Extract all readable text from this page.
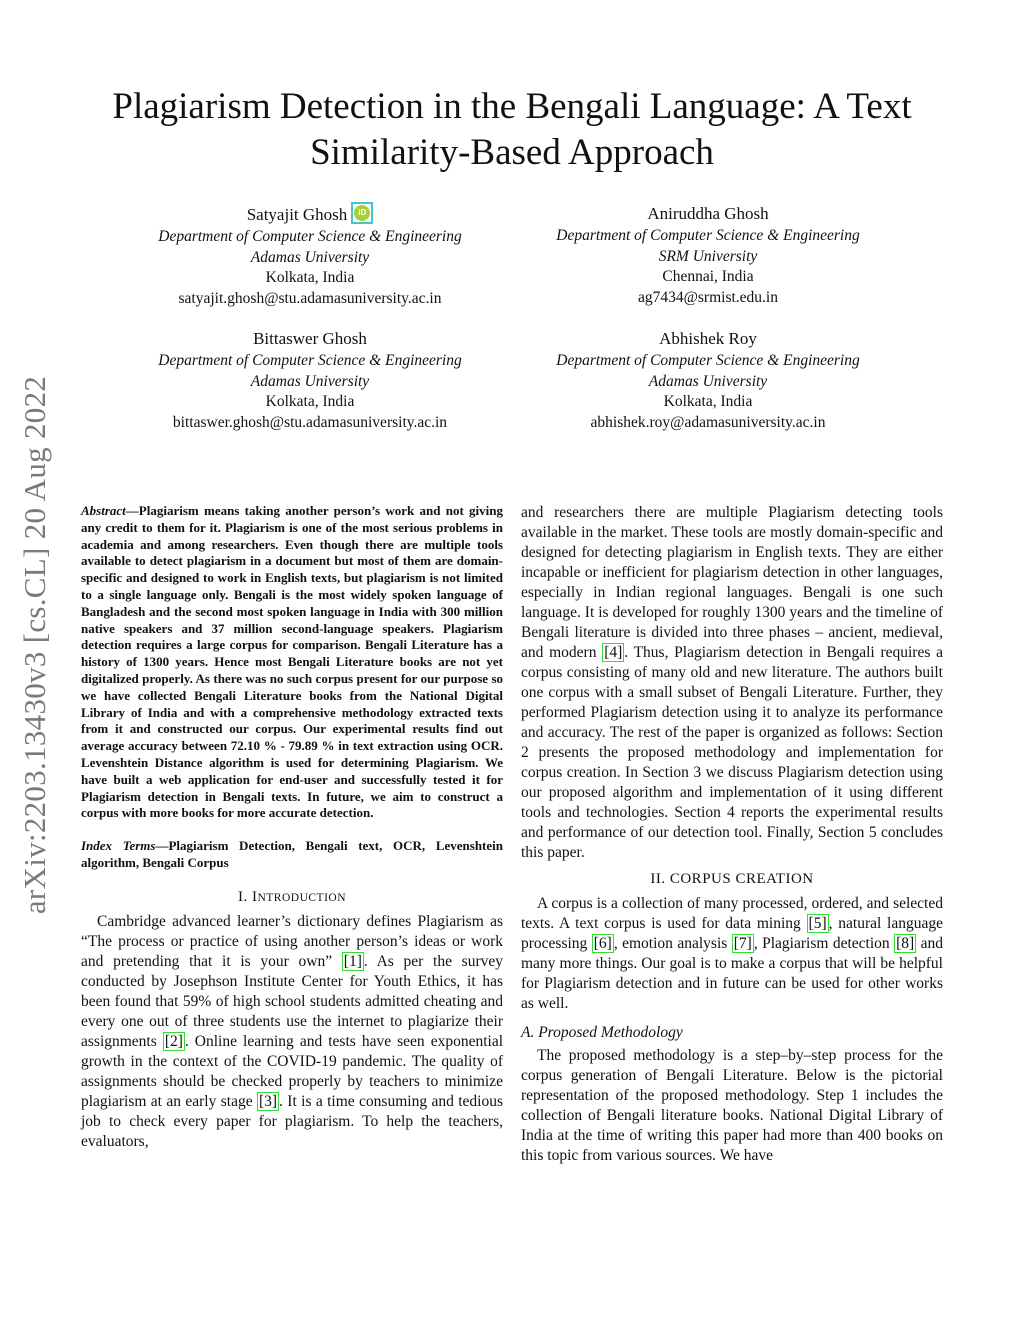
arXiv:2203.13430v3 [cs.CL] 20 Aug 2022
Plagiarism Detection in the Bengali Language: A Text Similarity-Based Approach
Satyajit Ghosh	iD
Department of Computer Science & Engineering
Adamas University
Kolkata, India
satyajit.ghosh@stu.adamasuniversity.ac.in
Aniruddha Ghosh
Department of Computer Science & Engineering
SRM University
Chennai, India
ag7434@srmist.edu.in
Bittaswer Ghosh
Department of Computer Science & Engineering
Adamas University
Kolkata, India
bittaswer.ghosh@stu.adamasuniversity.ac.in
Abhishek Roy
Department of Computer Science & Engineering
Adamas University
Kolkata, India
abhishek.roy@adamasuniversity.ac.in

Abstract—Plagiarism means taking another person’s work and not giving any credit to them for it. Plagiarism is one of the most serious problems in academia and among researchers. Even though there are multiple tools available to detect plagiarism in a document but most of them are domain-specific and designed to work in English texts, but plagiarism is not limited to a single language only. Bengali is the most widely spoken language of Bangladesh and the second most spoken language in India with 300 million native speakers and 37 million second-language speakers. Plagiarism detection requires a large corpus for comparison. Bengali Literature has a history of 1300 years. Hence most Bengali Literature books are not yet digitalized properly. As there was no such corpus present for our purpose so we have collected Bengali Literature books from the National Digital Library of India and with a comprehensive methodology extracted texts from it and constructed our corpus. Our experimental results find out average accuracy between 72.10 % - 79.89 % in text extraction using OCR. Levenshtein Distance algorithm is used for determining Plagiarism. We have built a web application for end-user and successfully tested it for Plagiarism detection in Bengali texts. In future, we aim to construct a corpus with more books for more accurate detection.

Index Terms—Plagiarism Detection, Bengali text, OCR, Levenshtein algorithm, Bengali Corpus

I. INTRODUCTION

Cambridge advanced learner’s dictionary defines Plagiarism as “The process or practice of using another person’s ideas or work and pretending that it is your own” [1] . As per the survey conducted by Josephson Institute Center for Youth Ethics, it has been found that 59% of high school students admitted cheating and every one out of three students use the internet to plagiarize their assignments [2] . Online learning and tests have seen exponential growth in the context of the COVID-19 pandemic. The quality of assignments should be checked properly by teachers to minimize plagiarism at an early stage [3] . It is a time consuming and tedious job to check every paper for plagiarism. To help the teachers, evaluators,

and researchers there are multiple Plagiarism detecting tools available in the market. These tools are mostly domain-specific and designed for detecting plagiarism in English texts. They are either incapable or inefficient for plagiarism detection in other languages, especially in Indian regional languages. Bengali is one such language. It is developed for roughly 1300 years and the timeline of Bengali literature is divided into three phases – ancient, medieval, and modern [4] . Thus, Plagiarism detection in Bengali requires a corpus consisting of many old and new literature. The authors built one corpus with a small subset of Bengali Literature. Further, they performed Plagiarism detection using it to analyze its performance and accuracy. The rest of the paper is organized as follows: Section 2 presents the proposed methodology and implementation for corpus creation. In Section 3 we discuss Plagiarism detection using our proposed algorithm and implementation of it using different tools and technologies. Section 4 reports the experimental results and performance of our detection tool. Finally, Section 5 concludes this paper.

II. CORPUS CREATION

A corpus is a collection of many processed, ordered, and selected texts. A text corpus is used for data mining [5] , natural language processing [6] , emotion analysis [7] , Plagiarism detection [8] and many more things. Our goal is to make a corpus that will be helpful for Plagiarism detection and in future can be used for other works as well.

A. Proposed Methodology

The proposed methodology is a step–by–step process for the corpus generation of Bengali Literature. Below is the pictorial representation of the proposed methodology. Step 1 includes the collection of Bengali literature books. National Digital Library of India at the time of writing this paper had more than 400 books on this topic from various sources. We have
